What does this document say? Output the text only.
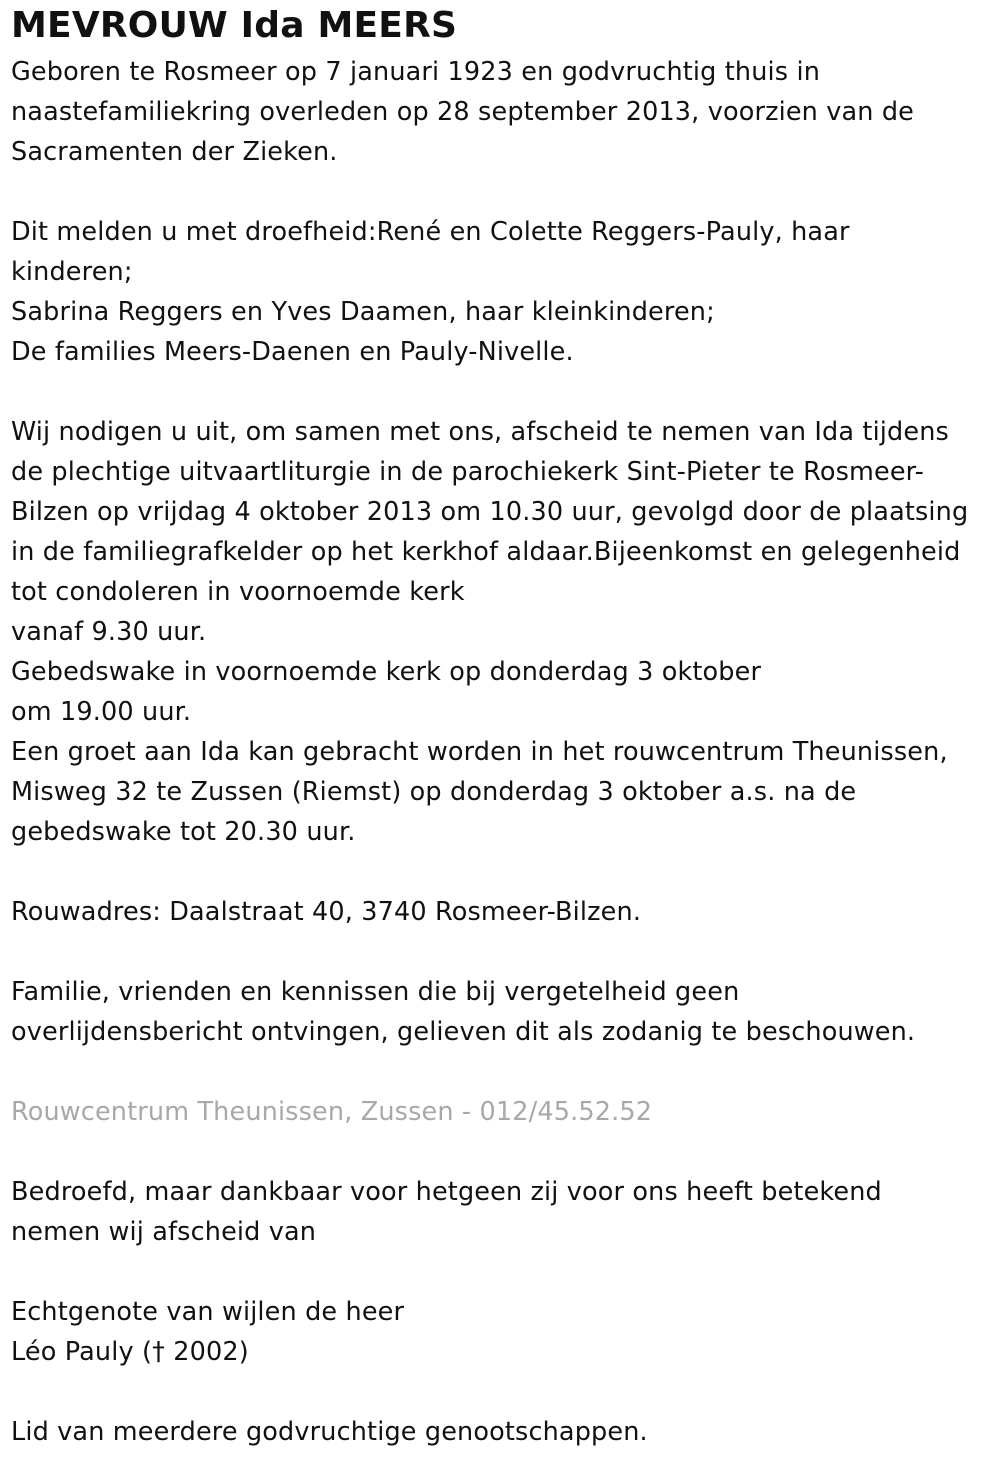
MEVROUW Ida MEERS
Geboren te Rosmeer op 7 januari 1923 en godvruchtig thuis in
naastefamiliekring overleden op 28 september 2013, voorzien van de
Sacramenten der Zieken.
Dit melden u met droefheid:René en Colette Reggers-Pauly, haar
kinderen;
Sabrina Reggers en Yves Daamen, haar kleinkinderen;
De families Meers-Daenen en Pauly-Nivelle.
Wij nodigen u uit, om samen met ons, afscheid te nemen van Ida tijdens
de plechtige uitvaartliturgie in de parochiekerk Sint-Pieter te Rosmeer-
Bilzen op vrijdag 4 oktober 2013 om 10.30 uur, gevolgd door de plaatsing
in de familiegrafkelder op het kerkhof aldaar.Bijeenkomst en gelegenheid
tot condoleren in voornoemde kerk
vanaf 9.30 uur.
Gebedswake in voornoemde kerk op donderdag 3 oktober
om 19.00 uur.
Een groet aan Ida kan gebracht worden in het rouwcentrum Theunissen,
Misweg 32 te Zussen (Riemst) op donderdag 3 oktober a.s. na de
gebedswake tot 20.30 uur.
Rouwadres: Daalstraat 40, 3740 Rosmeer-Bilzen.
Familie, vrienden en kennissen die bij vergetelheid geen
overlijdensbericht ontvingen, gelieven dit als zodanig te beschouwen.
Rouwcentrum Theunissen, Zussen - 012/45.52.52
Bedroefd, maar dankbaar voor hetgeen zij voor ons heeft betekend
nemen wij afscheid van
Echtgenote van wijlen de heer
Léo Pauly († 2002)
Lid van meerdere godvruchtige genootschappen.
